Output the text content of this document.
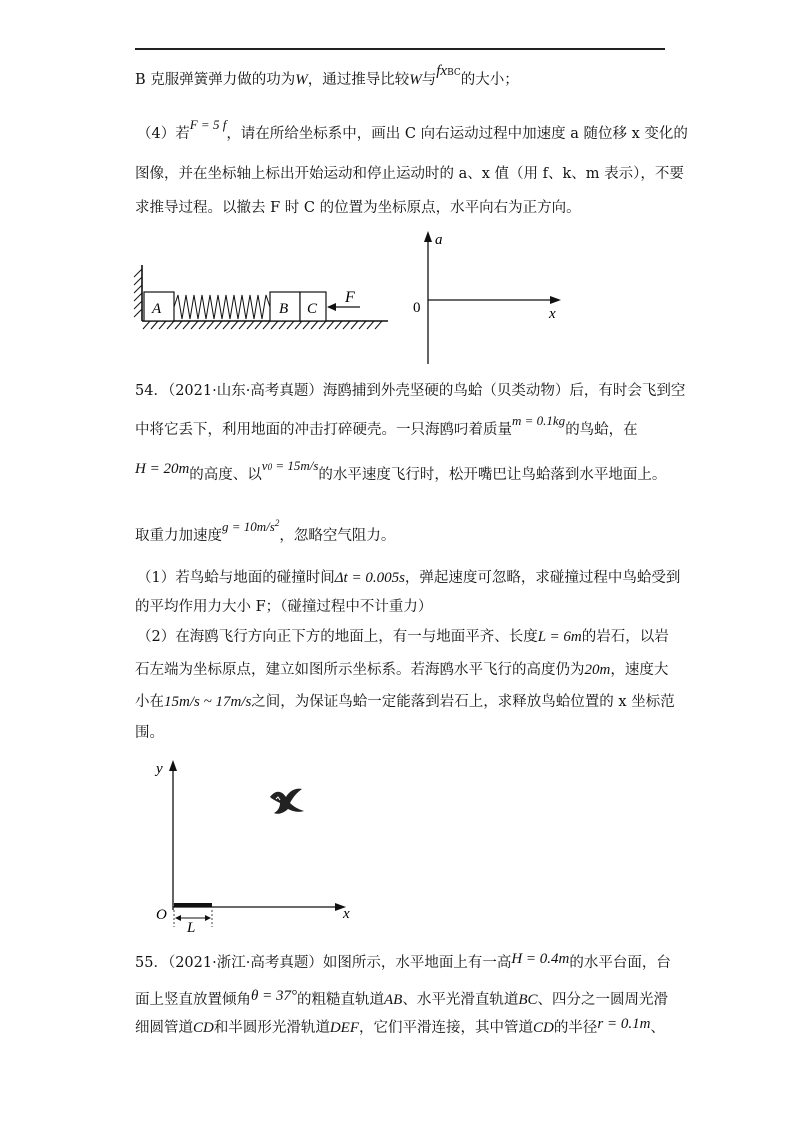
B 克服弹簧弹力做的功为W，通过推导比较W与fxBC的大小；
（4）若F = 5 f，请在所给坐标系中，画出 C 向右运动过程中加速度 a 随位移 x 变化的
图像，并在坐标轴上标出开始运动和停止运动时的 a、x 值（用 f、k、m 表示），不要
求推导过程。以撤去 F 时 C 的位置为坐标原点，水平向右为正方向。
A	B C
F
a
x
0
54．（2021·山东·高考真题）海鸥捕到外壳坚硬的鸟蛤（贝类动物）后，有时会飞到空
中将它丢下，利用地面的冲击打碎硬壳。一只海鸥叼着质量m = 0.1kg的鸟蛤，在
H = 20m的高度、以v0 = 15m/s的水平速度飞行时，松开嘴巴让鸟蛤落到水平地面上。
取重力加速度$g = 10m/s^2$，忽略空气阻力。
（1）若鸟蛤与地面的碰撞时间Δt = 0.005s，弹起速度可忽略，求碰撞过程中鸟蛤受到
的平均作用力大小 F；（碰撞过程中不计重力）
（2）在海鸥飞行方向正下方的地面上，有一与地面平齐、长度L = 6m的岩石，以岩
石左端为坐标原点，建立如图所示坐标系。若海鸥水平飞行的高度仍为20m，速度大
小在15m/s ~ 17m/s之间，为保证鸟蛤一定能落到岩石上，求释放鸟蛤位置的 x 坐标范
围。
y
x
O
L
55．（2021·浙江·高考真题）如图所示，水平地面上有一高H = 0.4m的水平台面，台
面上竖直放置倾角θ = 37°的粗糙直轨道AB、水平光滑直轨道BC、四分之一圆周光滑
细圆管道CD和半圆形光滑轨道DEF，它们平滑连接，其中管道CD的半径r = 0.1m、
